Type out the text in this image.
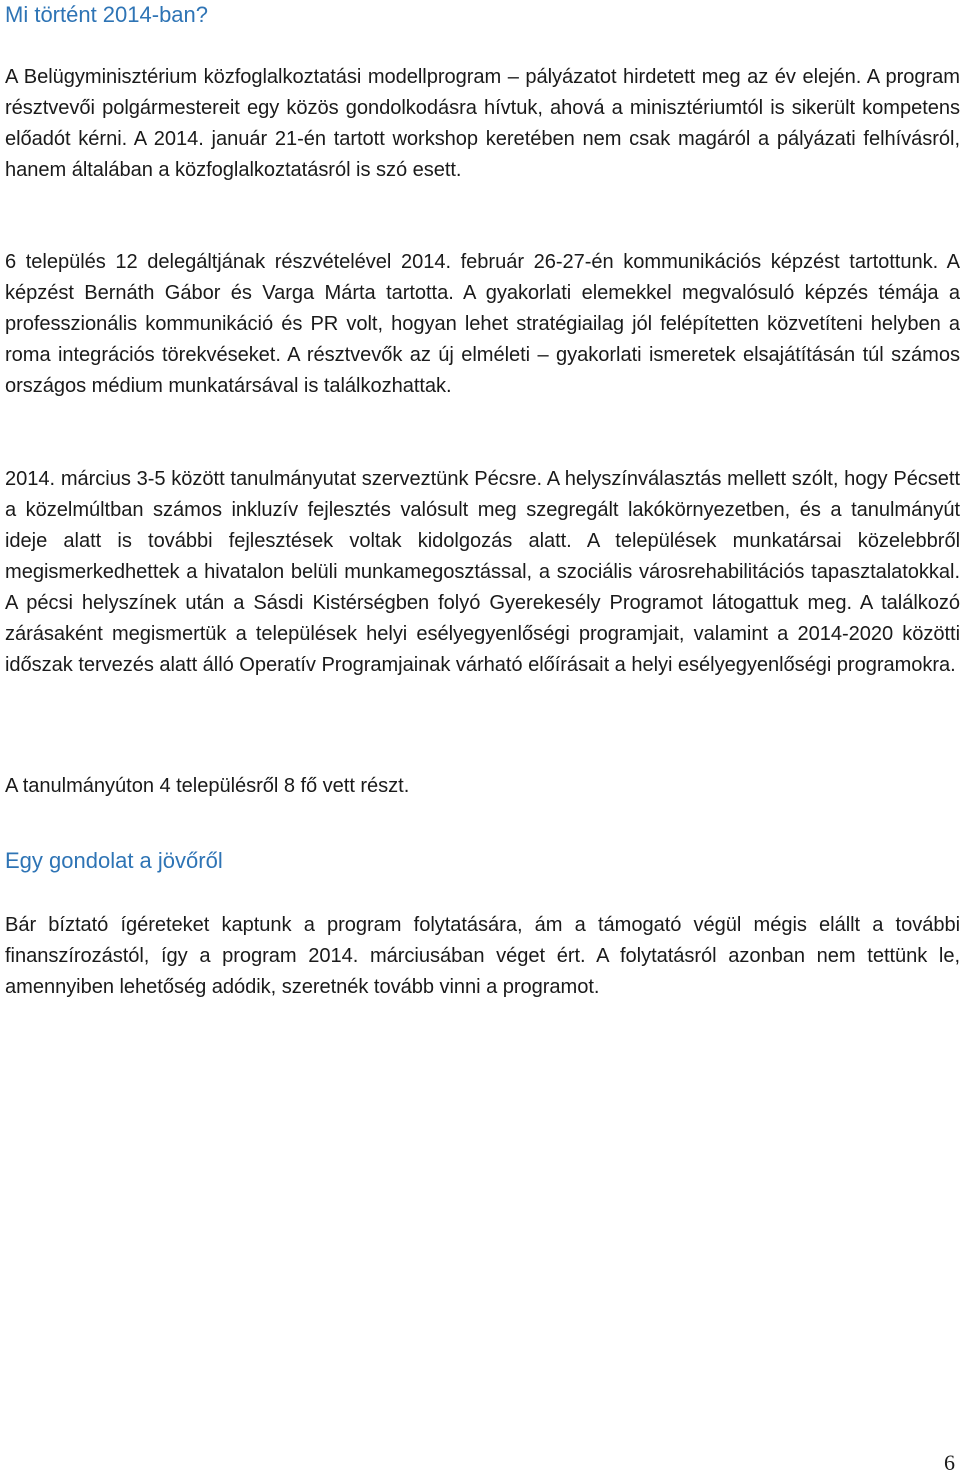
Mi történt 2014-ban?

A Belügyminisztérium közfoglalkoztatási modellprogram – pályázatot hirdetett meg az év elején. A program résztvevői polgármestereit egy közös gondolkodásra hívtuk, ahová a minisztériumtól is sikerült kompetens előadót kérni. A 2014. január 21-én tartott workshop keretében nem csak magáról a pályázati felhívásról, hanem általában a közfoglalkoztatásról is szó esett.

6 település 12 delegáltjának részvételével 2014. február 26-27-én kommunikációs képzést tartottunk. A képzést Bernáth Gábor és Varga Márta tartotta. A gyakorlati elemekkel megvalósuló képzés témája a professzionális kommunikáció és PR volt, hogyan lehet stratégiailag jól felépítetten közvetíteni helyben a roma integrációs törekvéseket. A résztvevők az új elméleti – gyakorlati ismeretek elsajátításán túl számos országos médium munkatársával is találkozhattak.

2014. március 3-5 között tanulmányutat szerveztünk Pécsre. A helyszínválasztás mellett szólt, hogy Pécsett a közelmúltban számos inkluzív fejlesztés valósult meg szegregált lakókörnyezetben, és a tanulmányút ideje alatt is további fejlesztések voltak kidolgozás alatt. A települések munkatársai közelebbről megismerkedhettek a hivatalon belüli munkamegosztással, a szociális városrehabilitációs tapasztalatokkal. A pécsi helyszínek után a Sásdi Kistérségben folyó Gyerekesély Programot látogattuk meg. A találkozó zárásaként megismertük a települések helyi esélyegyenlőségi programjait, valamint a 2014-2020 közötti időszak tervezés alatt álló Operatív Programjainak várható előírásait a helyi esélyegyenlőségi programokra.

A tanulmányúton 4 településről 8 fő vett részt.

Egy gondolat a jövőről

Bár bíztató ígéreteket kaptunk a program folytatására, ám a támogató végül mégis elállt a további finanszírozástól, így a program 2014. márciusában véget ért. A folytatásról azonban nem tettünk le, amennyiben lehetőség adódik, szeretnék tovább vinni a programot.

6
